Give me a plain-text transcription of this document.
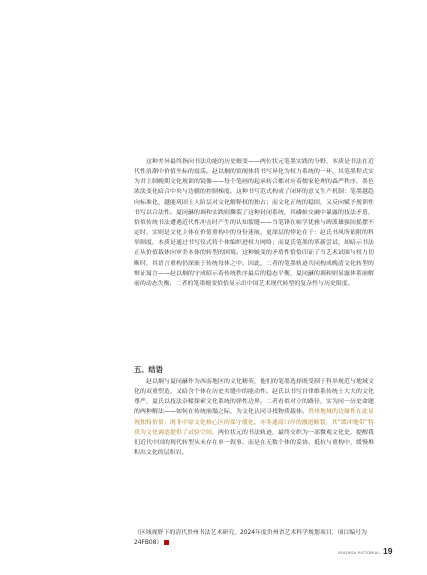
这种差异最终指向书法功能的历史嬗变——两位状元笔墨实践的分野，本质是书法在近代性浪潮中价值坐标的震荡。赵以炯的馆阁体将书写异化为权力系统的一环，其笔墨程式实为君主制晚期文化规训的镜像——每个笔画的起承转合都对应着儒家伦理的森严秩序，墨色浓淡变化暗合中央与边疆的控制梯度。这种书写范式构成了闭环的意义生产机制：笔墨越趋向标准化，越能巩固士人阶层对文化解释权的独占；而文化正统的稳固，又反向赋予规训性书写以合法性。夏同龢的调和实践则撕裂了这种封闭系统，其磷帖交融中暴露的技法矛盾，恰似传统书法遭遇近代性冲击时产生的认知裂缝——当笔锋在帖学优雅与碑派雄强间摇摆不定时，实则是文化主体在价值重构中的身份迷航。更深层的悖论在于：赵氏书风所依附的科举制度，本质是通过书写仪式将个体编织进权力网络；而夏氏笔墨的革新尝试，却暗示书法正从价值载体向审美本体的转型的困境。这种蜕变的矛盾性恰恰印证了当艺术试图与权力切断时，其语言重构仍深嵌于传统母体之中。因此，二者的笔墨轨迹共同构成晚清文化转型的辩证寓言——赵以炯的守成昭示着传统秩序最后的稳态平衡，夏同龢的调和则显露体系崩解前的动态失衡，二者的笔墨嬗变恰恰显示出中国艺术现代转型的复杂性与历史限度。

五、结语

赵以炯与夏同龢作为西南地区的文化精英，他们的笔墨选择既受制于科举规范与地域文化的双重塑造，又暗含个体在历史夹缝中的能动性。赵氏以书写自律维系传统士大夫的文化尊严，夏氏以技法杂糅探索文化系统的弹性边界。二者看似对立的路径，实为同一历史命题的两种解法——如何在传统崩塌之际，为文化认同寻找物质载体。贵州地域的边缘性在此显现独特价值：既非中原文化核心区的保守僵化，亦非通商口岸的激进断裂，其“缓冲地带”特质为文化调适提供了试验空间。两位状元的书法轨迹，最终交织为一部微观文化史，提醒我们近代中国的现代转型从未存在单一叙事，而是在无数个体的妥协、抵抗与重构中，缓慢堆积出文化的层积岩。

（区域视野下的清代贵州书法艺术研究，2024年度贵州省艺术科学规划项目，项目编号为24FB08）

GUIZHOU PICTORIAL 19
